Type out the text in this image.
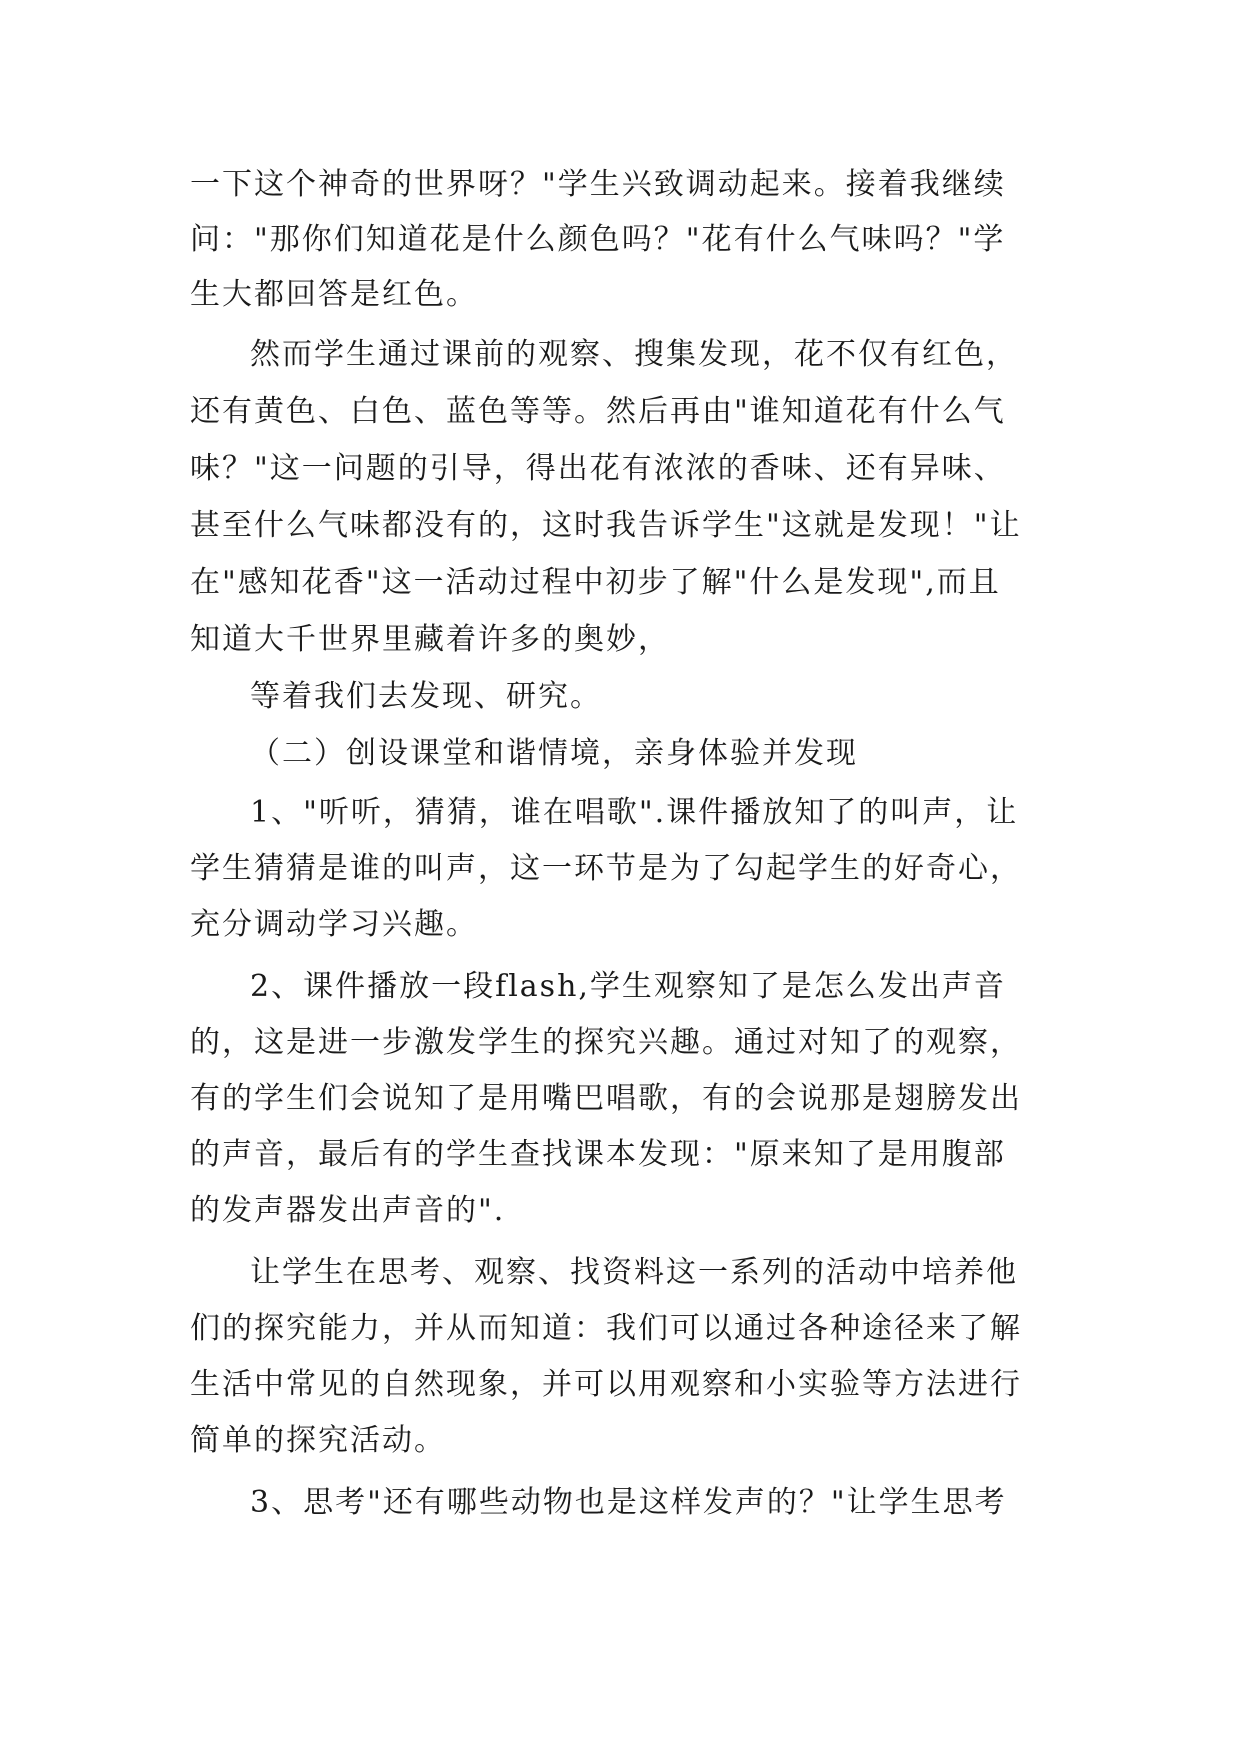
一下这个神奇的世界呀？"学生兴致调动起来。接着我继续
问："那你们知道花是什么颜色吗？"花有什么气味吗？"学
生大都回答是红色。
然而学生通过课前的观察、搜集发现，花不仅有红色，
还有黄色、白色、蓝色等等。然后再由"谁知道花有什么气
味？"这一问题的引导，得出花有浓浓的香味、还有异味、
甚至什么气味都没有的，这时我告诉学生"这就是发现！"让
在"感知花香"这一活动过程中初步了解"什么是发现",而且
知道大千世界里藏着许多的奥妙，
等着我们去发现、研究。
（二）创设课堂和谐情境，亲身体验并发现
1、"听听，猜猜，谁在唱歌".课件播放知了的叫声，让
学生猜猜是谁的叫声，这一环节是为了勾起学生的好奇心，
充分调动学习兴趣。
2、课件播放一段flash,学生观察知了是怎么发出声音
的，这是进一步激发学生的探究兴趣。通过对知了的观察，
有的学生们会说知了是用嘴巴唱歌，有的会说那是翅膀发出
的声音，最后有的学生查找课本发现："原来知了是用腹部
的发声器发出声音的".
让学生在思考、观察、找资料这一系列的活动中培养他
们的探究能力，并从而知道：我们可以通过各种途径来了解
生活中常见的自然现象，并可以用观察和小实验等方法进行
简单的探究活动。
3、思考"还有哪些动物也是这样发声的？"让学生思考
